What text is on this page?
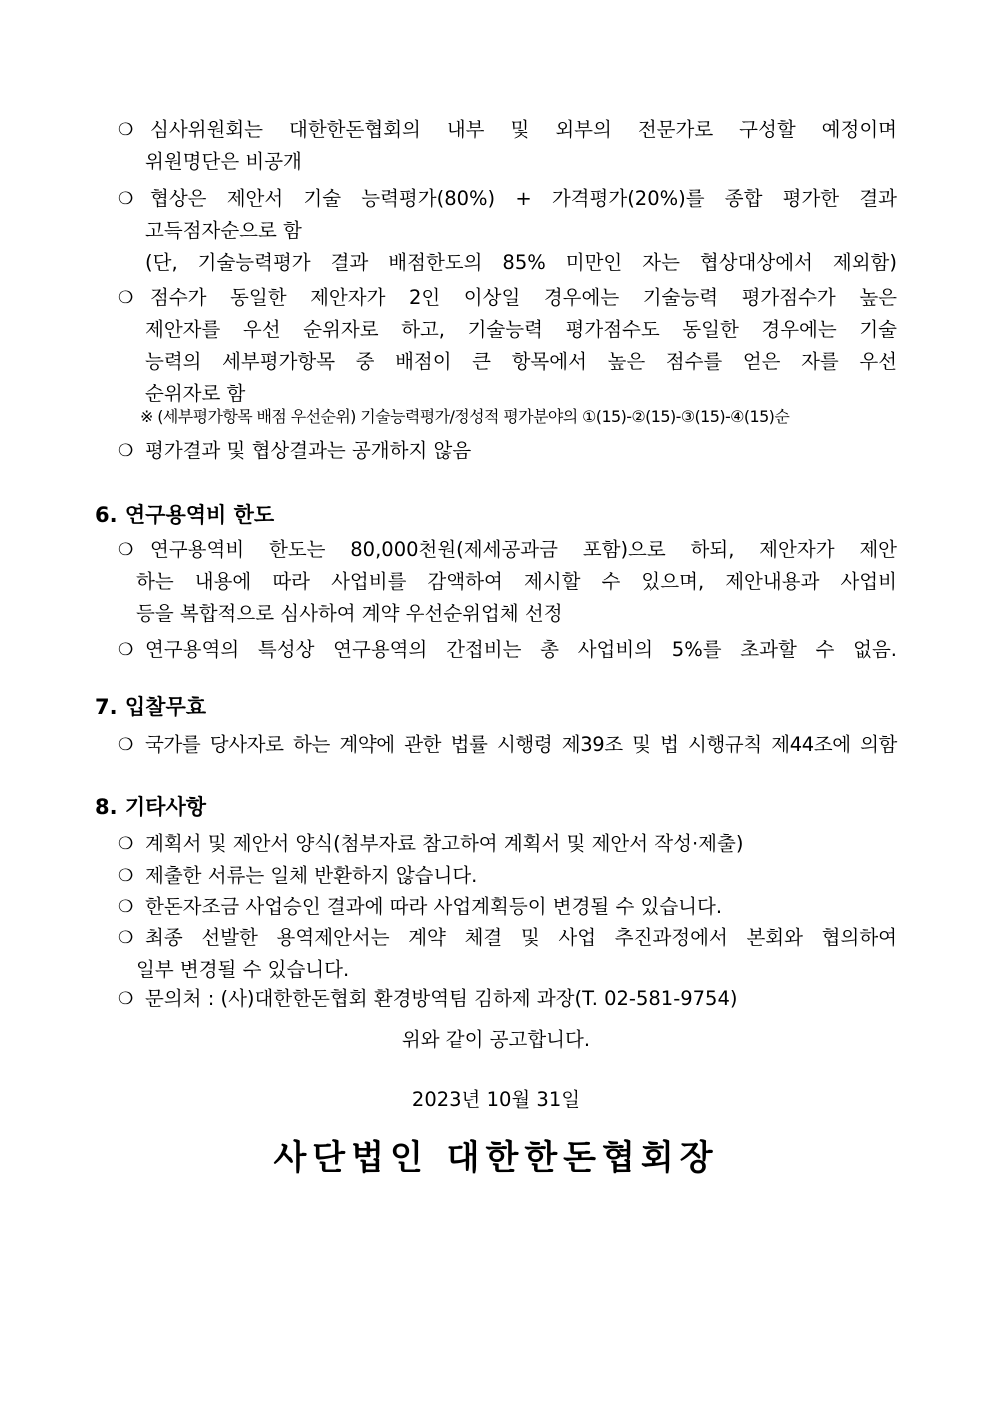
❍ 심사위원회는 대한한돈협회의 내부 및 외부의 전문가로 구성할 예정이며
위원명단은 비공개
❍ 협상은 제안서 기술 능력평가(80%) + 가격평가(20%)를 종합 평가한 결과
고득점자순으로 함
(단, 기술능력평가 결과 배점한도의 85% 미만인 자는 협상대상에서 제외함)
❍ 점수가 동일한 제안자가 2인 이상일 경우에는 기술능력 평가점수가 높은
제안자를 우선 순위자로 하고, 기술능력 평가점수도 동일한 경우에는 기술
능력의 세부평가항목 중 배점이 큰 항목에서 높은 점수를 얻은 자를 우선
순위자로 함
※ (세부평가항목 배점 우선순위) 기술능력평가/정성적 평가분야의 ①(15)-②(15)-③(15)-④(15)순
❍ 평가결과 및 협상결과는 공개하지 않음
6. 연구용역비 한도
❍ 연구용역비 한도는 80,000천원(제세공과금 포함)으로 하되, 제안자가 제안
하는 내용에 따라 사업비를 감액하여 제시할 수 있으며, 제안내용과 사업비
등을 복합적으로 심사하여 계약 우선순위업체 선정
❍ 연구용역의 특성상 연구용역의 간접비는 총 사업비의 5%를 초과할 수 없음.
7. 입찰무효
❍ 국가를 당사자로 하는 계약에 관한 법률 시행령 제39조 및 법 시행규칙 제44조에 의함
8. 기타사항
❍ 계획서 및 제안서 양식(첨부자료 참고하여 계획서 및 제안서 작성·제출)
❍ 제출한 서류는 일체 반환하지 않습니다.
❍ 한돈자조금 사업승인 결과에 따라 사업계획등이 변경될 수 있습니다.
❍ 최종 선발한 용역제안서는 계약 체결 및 사업 추진과정에서 본회와 협의하여
일부 변경될 수 있습니다.
❍ 문의처 : (사)대한한돈협회 환경방역팀 김하제 과장(T. 02-581-9754)
위와 같이 공고합니다.
2023년 10월 31일
사단법인 대한한돈협회장
